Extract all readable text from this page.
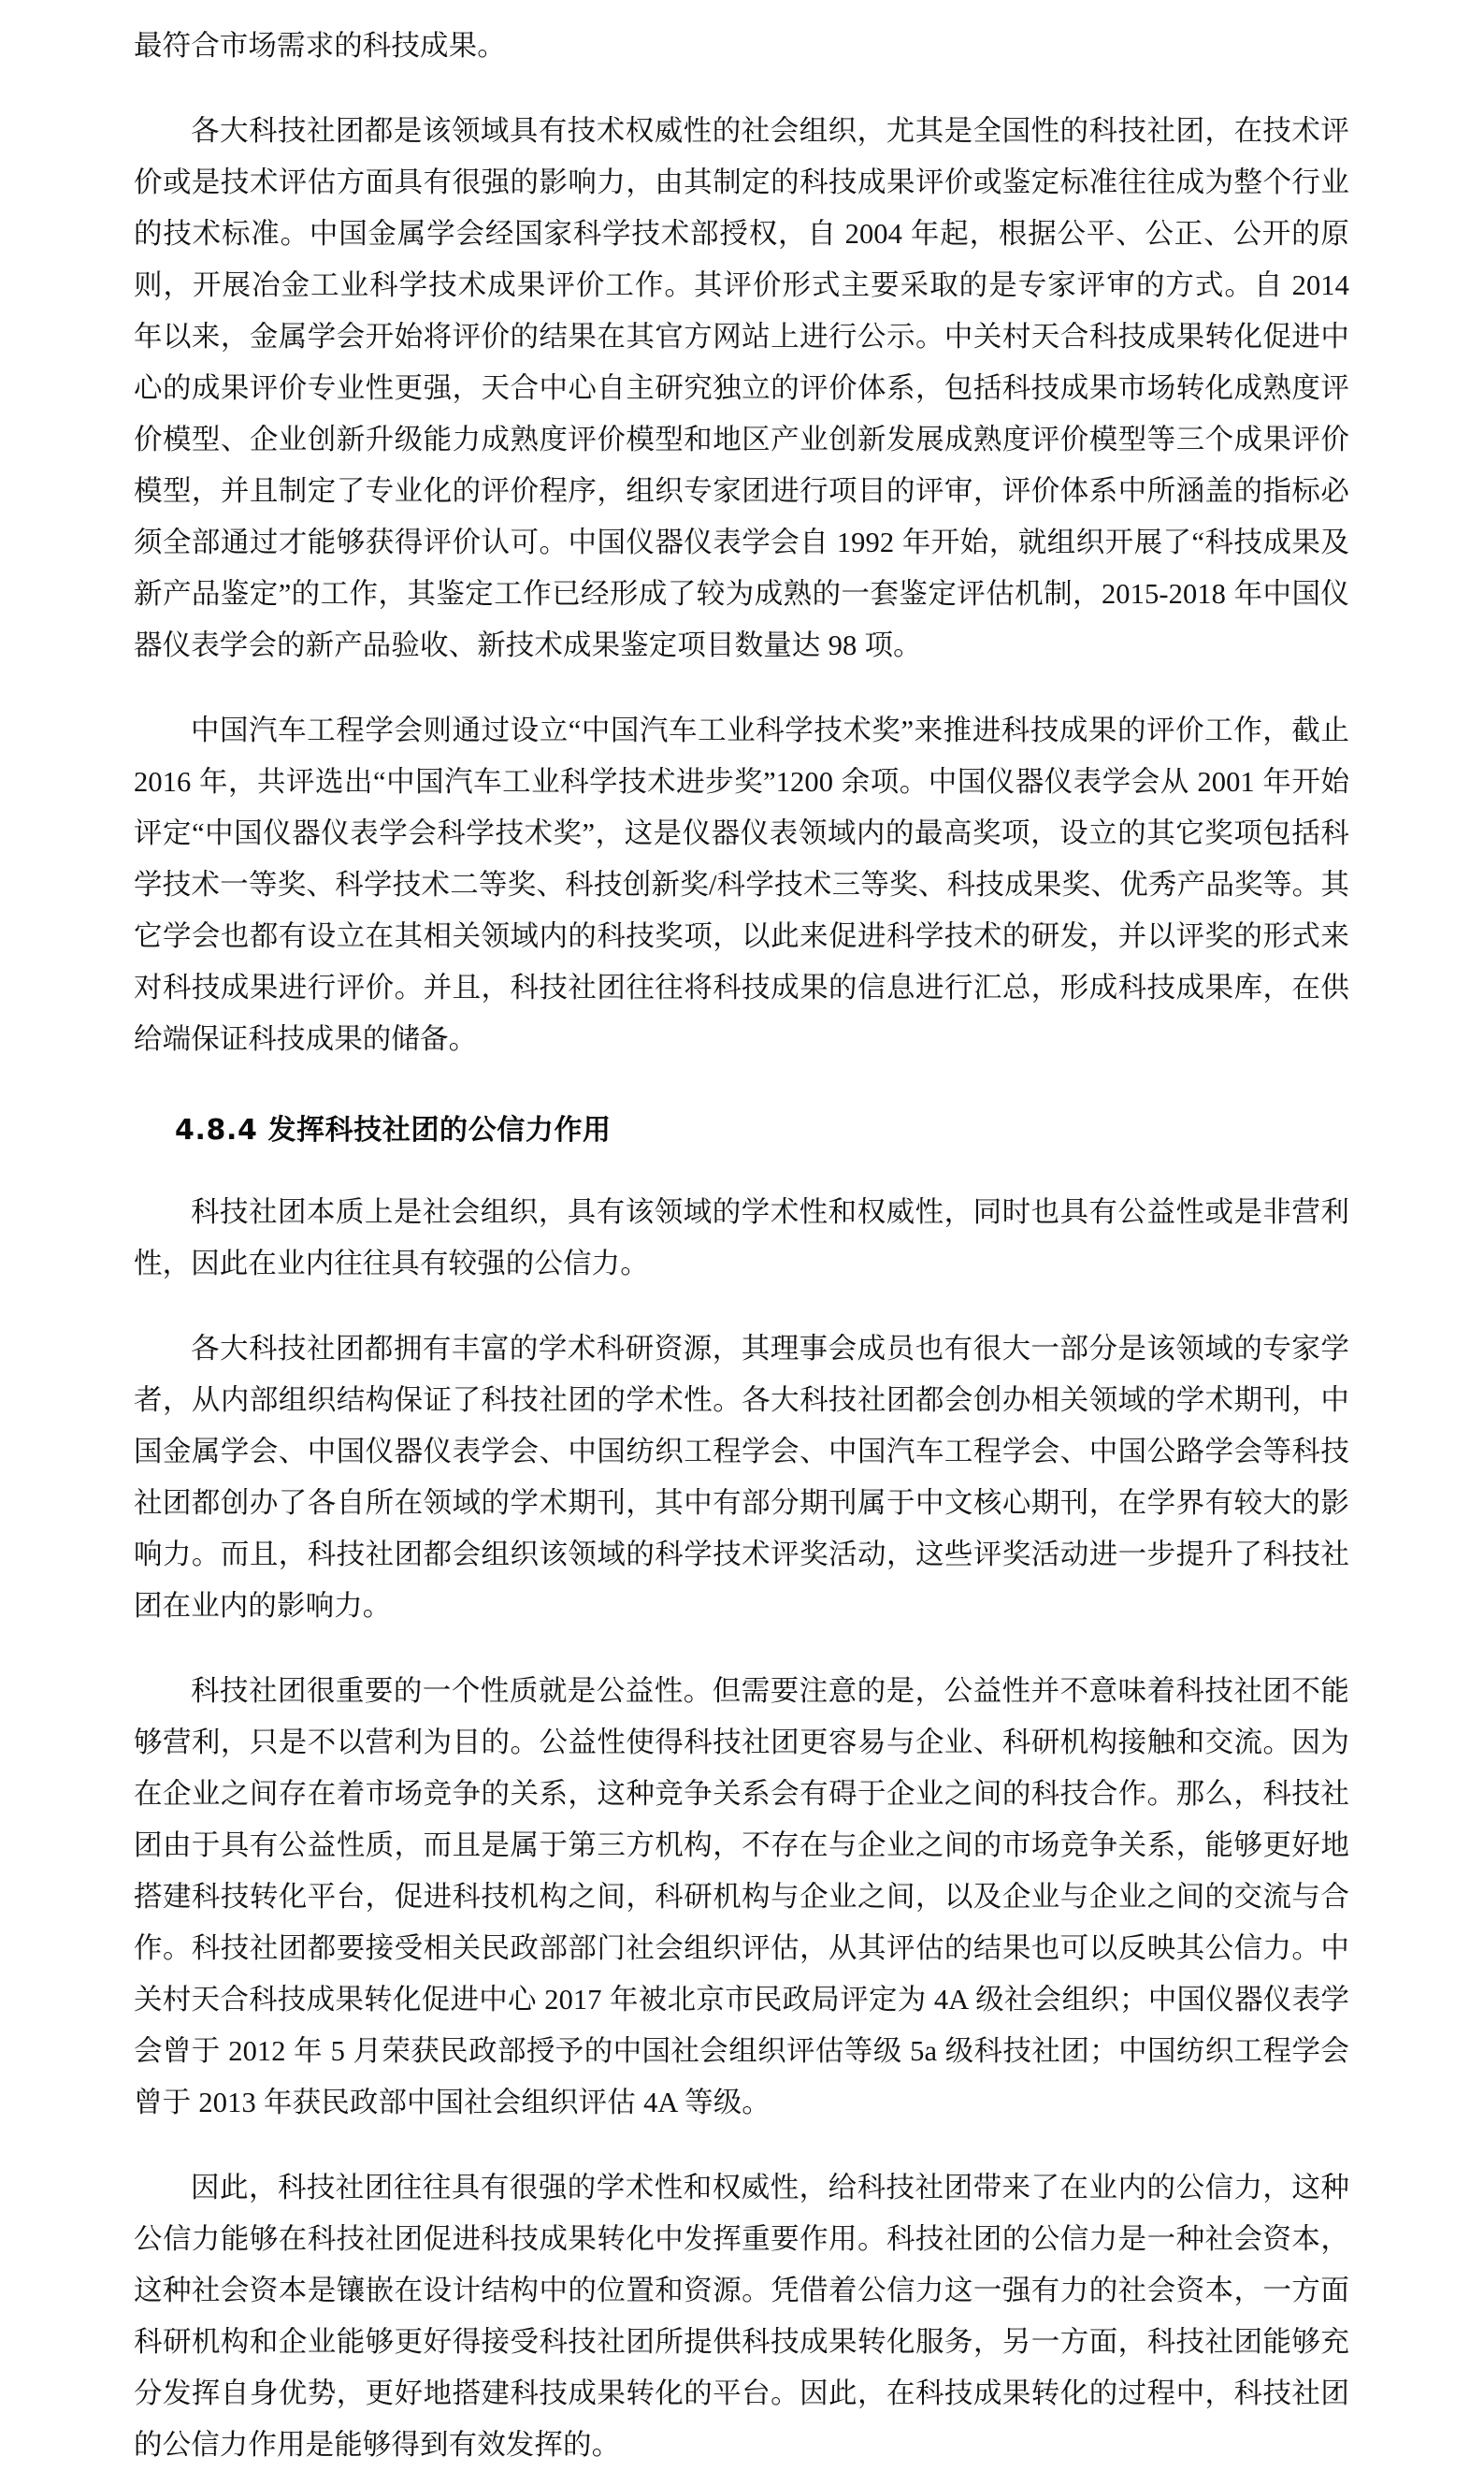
最符合市场需求的科技成果。

各大科技社团都是该领域具有技术权威性的社会组织，尤其是全国性的科技社团，在技术评价或是技术评估方面具有很强的影响力，由其制定的科技成果评价或鉴定标准往往成为整个行业的技术标准。中国金属学会经国家科学技术部授权，自 2004 年起，根据公平、公正、公开的原则，开展冶金工业科学技术成果评价工作。其评价形式主要采取的是专家评审的方式。自 2014 年以来，金属学会开始将评价的结果在其官方网站上进行公示。中关村天合科技成果转化促进中心的成果评价专业性更强，天合中心自主研究独立的评价体系，包括科技成果市场转化成熟度评价模型、企业创新升级能力成熟度评价模型和地区产业创新发展成熟度评价模型等三个成果评价模型，并且制定了专业化的评价程序，组织专家团进行项目的评审，评价体系中所涵盖的指标必须全部通过才能够获得评价认可。中国仪器仪表学会自 1992 年开始，就组织开展了“科技成果及新产品鉴定”的工作，其鉴定工作已经形成了较为成熟的一套鉴定评估机制，2015-2018 年中国仪器仪表学会的新产品验收、新技术成果鉴定项目数量达 98 项。

中国汽车工程学会则通过设立“中国汽车工业科学技术奖”来推进科技成果的评价工作，截止 2016 年，共评选出“中国汽车工业科学技术进步奖”1200 余项。中国仪器仪表学会从 2001 年开始评定“中国仪器仪表学会科学技术奖”，这是仪器仪表领域内的最高奖项，设立的其它奖项包括科学技术一等奖、科学技术二等奖、科技创新奖/科学技术三等奖、科技成果奖、优秀产品奖等。其它学会也都有设立在其相关领域内的科技奖项，以此来促进科学技术的研发，并以评奖的形式来对科技成果进行评价。并且，科技社团往往将科技成果的信息进行汇总，形成科技成果库，在供给端保证科技成果的储备。

4.8.4 发挥科技社团的公信力作用

科技社团本质上是社会组织，具有该领域的学术性和权威性，同时也具有公益性或是非营利性，因此在业内往往具有较强的公信力。

各大科技社团都拥有丰富的学术科研资源，其理事会成员也有很大一部分是该领域的专家学者，从内部组织结构保证了科技社团的学术性。各大科技社团都会创办相关领域的学术期刊，中国金属学会、中国仪器仪表学会、中国纺织工程学会、中国汽车工程学会、中国公路学会等科技社团都创办了各自所在领域的学术期刊，其中有部分期刊属于中文核心期刊，在学界有较大的影响力。而且，科技社团都会组织该领域的科学技术评奖活动，这些评奖活动进一步提升了科技社团在业内的影响力。

科技社团很重要的一个性质就是公益性。但需要注意的是，公益性并不意味着科技社团不能够营利，只是不以营利为目的。公益性使得科技社团更容易与企业、科研机构接触和交流。因为在企业之间存在着市场竞争的关系，这种竞争关系会有碍于企业之间的科技合作。那么，科技社团由于具有公益性质，而且是属于第三方机构，不存在与企业之间的市场竞争关系，能够更好地搭建科技转化平台，促进科技机构之间，科研机构与企业之间，以及企业与企业之间的交流与合作。科技社团都要接受相关民政部部门社会组织评估，从其评估的结果也可以反映其公信力。中关村天合科技成果转化促进中心 2017 年被北京市民政局评定为 4A 级社会组织；中国仪器仪表学会曾于 2012 年 5 月荣获民政部授予的中国社会组织评估等级 5a 级科技社团；中国纺织工程学会曾于 2013 年获民政部中国社会组织评估 4A 等级。

因此，科技社团往往具有很强的学术性和权威性，给科技社团带来了在业内的公信力，这种公信力能够在科技社团促进科技成果转化中发挥重要作用。科技社团的公信力是一种社会资本，这种社会资本是镶嵌在设计结构中的位置和资源。凭借着公信力这一强有力的社会资本，一方面科研机构和企业能够更好得接受科技社团所提供科技成果转化服务，另一方面，科技社团能够充分发挥自身优势，更好地搭建科技成果转化的平台。因此，在科技成果转化的过程中，科技社团的公信力作用是能够得到有效发挥的。
